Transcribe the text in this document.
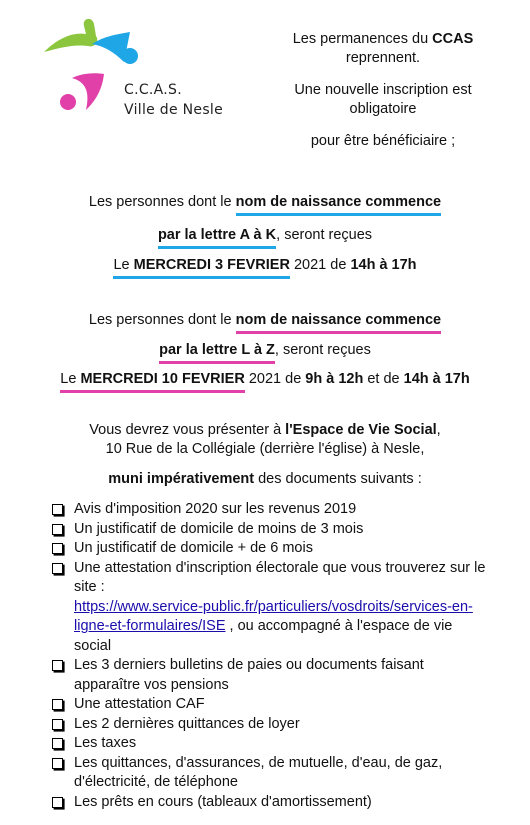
C.C.A.S.
Ville de Nesle

Les permanences du CCAS
reprennent.

Une nouvelle inscription est obligatoire

pour être bénéficiaire ;

Les personnes dont le nom de naissance commence
par la lettre A à K, seront reçues
Le MERCREDI 3 FEVRIER 2021 de 14h à 17h
Les personnes dont le nom de naissance commence
par la lettre L à Z, seront reçues
Le MERCREDI 10 FEVRIER 2021 de 9h à 12h et de 14h à 17h
Vous devrez vous présenter à l'Espace de Vie Social,
10 Rue de la Collégiale (derrière l'église) à Nesle,
muni impérativement des documents suivants :
Avis d'imposition 2020 sur les revenus 2019
Un justificatif de domicile de moins de 3 mois
Un justificatif de domicile + de 6 mois
Une attestation d'inscription électorale que vous trouverez sur le site :
https://www.service-public.fr/particuliers/vosdroits/services-en-ligne-et-formulaires/ISE , ou accompagné à l'espace de vie social
Les 3 derniers bulletins de paies ou documents faisant apparaître vos pensions
Une attestation CAF
Les 2 dernières quittances de loyer
Les taxes
Les quittances, d'assurances, de mutuelle, d'eau, de gaz, d'électricité, de téléphone
Les prêts en cours (tableaux d'amortissement)
